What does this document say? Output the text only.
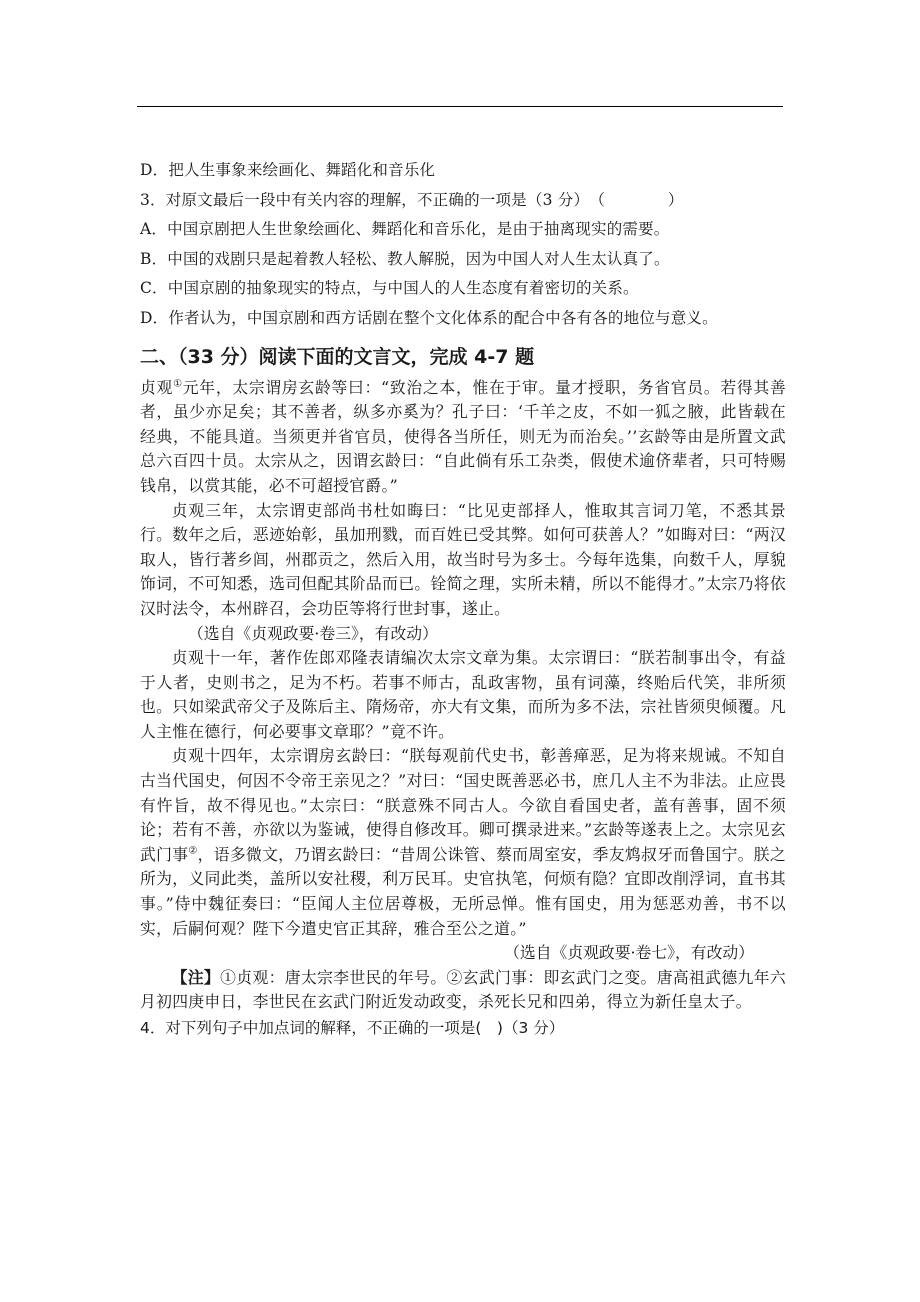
D．把人生事象来绘画化、舞蹈化和音乐化

3．对原文最后一段中有关内容的理解，不正确的一项是（3 分）　（　　　　）

A．中国京剧把人生世象绘画化、舞蹈化和音乐化，是由于抽离现实的需要。

B．中国的戏剧只是起着教人轻松、教人解脱，因为中国人对人生太认真了。

C．中国京剧的抽象现实的特点，与中国人的人生态度有着密切的关系。

D．作者认为，中国京剧和西方话剧在整个文化体系的配合中各有各的地位与意义。

二、（33 分）阅读下面的文言文，完成 4-7 题

贞观①元年，太宗谓房玄龄等曰：“致治之本，惟在于审。量才授职，务省官员。若得其善者，虽少亦足矣；其不善者，纵多亦奚为？孔子曰：‘千羊之皮，不如一狐之腋，此皆载在经典，不能具道。当须更并省官员，使得各当所任，则无为而治矣。’’玄龄等由是所置文武总六百四十员。太宗从之，因谓玄龄曰：“自此倘有乐工杂类，假使术逾侪辈者，只可特赐钱帛，以赏其能，必不可超授官爵。”

贞观三年，太宗谓吏部尚书杜如晦曰：“比见吏部择人，惟取其言词刀笔，不悉其景行。数年之后，恶迹始彰，虽加刑戮，而百姓已受其弊。如何可获善人？”如晦对曰：“两汉取人，皆行著乡闾，州郡贡之，然后入用，故当时号为多士。今每年选集，向数千人，厚貌饰词，不可知悉，选司但配其阶品而已。铨简之理，实所未精，所以不能得才。”太宗乃将依汉时法令，本州辟召，会功臣等将行世封事，遂止。

（选自《贞观政要·卷三》，有改动）

贞观十一年，著作佐郎邓隆表请编次太宗文章为集。太宗谓曰：“朕若制事出令，有益于人者，史则书之，足为不朽。若事不师古，乱政害物，虽有词藻，终贻后代笑，非所须也。只如梁武帝父子及陈后主、隋炀帝，亦大有文集，而所为多不法，宗社皆须臾倾覆。凡人主惟在德行，何必要事文章耶？”竟不许。

贞观十四年，太宗谓房玄龄曰：“朕每观前代史书，彰善瘅恶，足为将来规诫。不知自古当代国史，何因不令帝王亲见之？”对曰：“国史既善恶必书，庶几人主不为非法。止应畏有忤旨，故不得见也。”太宗曰：“朕意殊不同古人。今欲自看国史者，盖有善事，固不须论；若有不善，亦欲以为鉴诫，使得自修改耳。卿可撰录进来。”玄龄等遂表上之。太宗见玄武门事②，语多微文，乃谓玄龄曰：“昔周公诛管、蔡而周室安，季友鸩叔牙而鲁国宁。朕之所为，义同此类，盖所以安社稷，利万民耳。史官执笔，何烦有隐？宜即改削浮词，直书其事。”侍中魏征奏曰：“臣闻人主位居尊极，无所忌惮。惟有国史，用为惩恶劝善，书不以实，后嗣何观？陛下今遣史官正其辞，雅合至公之道。”

（选自《贞观政要·卷七》，有改动）

【注】①贞观：唐太宗李世民的年号。②玄武门事：即玄武门之变。唐高祖武德九年六月初四庚申日，李世民在玄武门附近发动政变，杀死长兄和四弟，得立为新任皇太子。

4．对下列句子中加点词的解释，不正确的一项是(　)（3 分）
